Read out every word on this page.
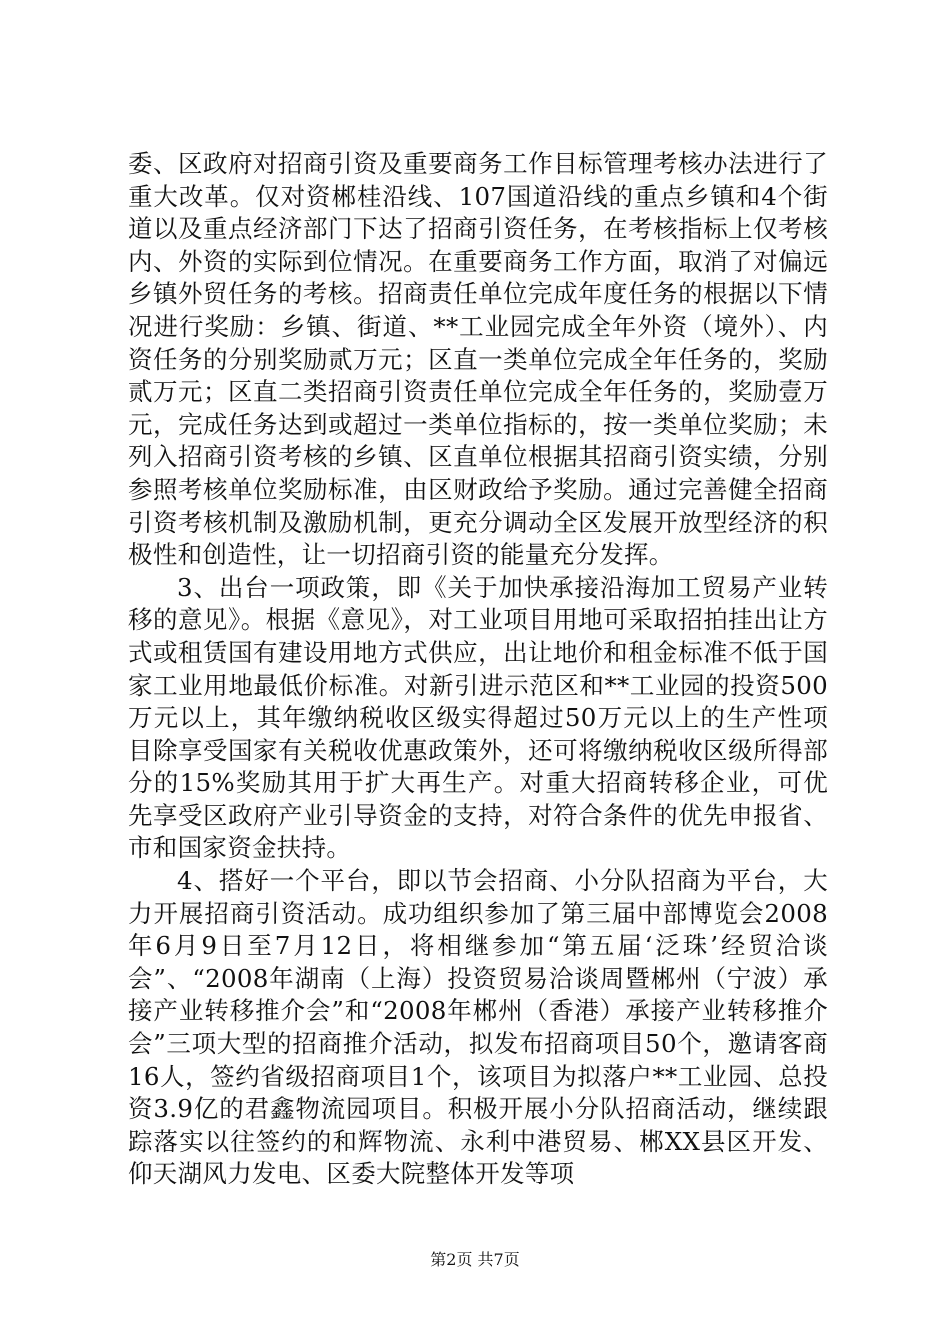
委、区政府对招商引资及重要商务工作目标管理考核办法进行了重大改革。仅对资郴桂沿线、107国道沿线的重点乡镇和4个街道以及重点经济部门下达了招商引资任务，在考核指标上仅考核内、外资的实际到位情况。在重要商务工作方面，取消了对偏远乡镇外贸任务的考核。招商责任单位完成年度任务的根据以下情况进行奖励：乡镇、街道、**工业园完成全年外资（境外）、内资任务的分别奖励贰万元；区直一类单位完成全年任务的，奖励贰万元；区直二类招商引资责任单位完成全年任务的，奖励壹万元，完成任务达到或超过一类单位指标的，按一类单位奖励；未列入招商引资考核的乡镇、区直单位根据其招商引资实绩，分别参照考核单位奖励标准，由区财政给予奖励。通过完善健全招商引资考核机制及激励机制，更充分调动全区发展开放型经济的积极性和创造性，让一切招商引资的能量充分发挥。

3、出台一项政策，即《关于加快承接沿海加工贸易产业转移的意见》。根据《意见》，对工业项目用地可采取招拍挂出让方式或租赁国有建设用地方式供应，出让地价和租金标准不低于国家工业用地最低价标准。对新引进示范区和**工业园的投资500万元以上，其年缴纳税收区级实得超过50万元以上的生产性项目除享受国家有关税收优惠政策外，还可将缴纳税收区级所得部分的15%奖励其用于扩大再生产。对重大招商转移企业，可优先享受区政府产业引导资金的支持，对符合条件的优先申报省、市和国家资金扶持。

4、搭好一个平台，即以节会招商、小分队招商为平台，大力开展招商引资活动。成功组织参加了第三届中部博览会2008年6月9日至7月12日，将相继参加“第五届‘泛珠’经贸洽谈会”、“2008年湖南（上海）投资贸易洽谈周暨郴州（宁波）承接产业转移推介会”和“2008年郴州（香港）承接产业转移推介会”三项大型的招商推介活动，拟发布招商项目50个，邀请客商16人，签约省级招商项目1个，该项目为拟落户**工业园、总投资3.9亿的君鑫物流园项目。积极开展小分队招商活动，继续跟踪落实以往签约的和辉物流、永利中港贸易、郴XX县区开发、仰天湖风力发电、区委大院整体开发等项

第2页 共7页
